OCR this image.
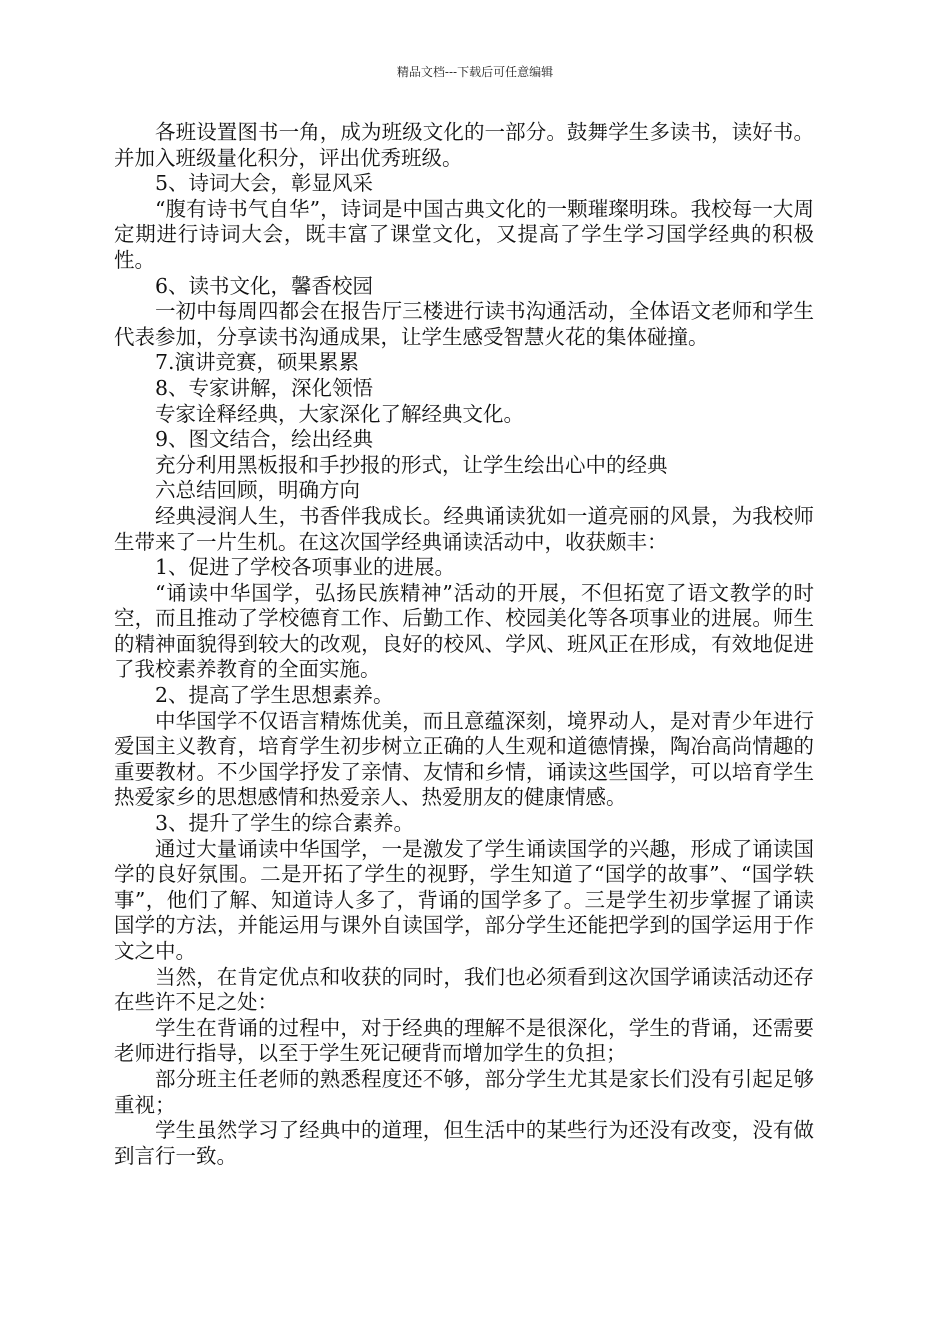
精品文档---下载后可任意编辑

各班设置图书一角，成为班级文化的一部分。鼓舞学生多读书，读好书。并加入班级量化积分，评出优秀班级。

5、诗词大会，彰显风采

“腹有诗书气自华”，诗词是中国古典文化的一颗璀璨明珠。我校每一大周定期进行诗词大会，既丰富了课堂文化，又提高了学生学习国学经典的积极性。

6、读书文化，馨香校园

一初中每周四都会在报告厅三楼进行读书沟通活动，全体语文老师和学生代表参加，分享读书沟通成果，让学生感受智慧火花的集体碰撞。

7.演讲竞赛，硕果累累

8、专家讲解，深化领悟

专家诠释经典，大家深化了解经典文化。

9、图文结合，绘出经典

充分利用黑板报和手抄报的形式，让学生绘出心中的经典

六总结回顾，明确方向

经典浸润人生，书香伴我成长。经典诵读犹如一道亮丽的风景，为我校师生带来了一片生机。在这次国学经典诵读活动中，收获颇丰：

1、促进了学校各项事业的进展。

“诵读中华国学，弘扬民族精神”活动的开展，不但拓宽了语文教学的时空，而且推动了学校德育工作、后勤工作、校园美化等各项事业的进展。师生的精神面貌得到较大的改观，良好的校风、学风、班风正在形成，有效地促进了我校素养教育的全面实施。

2、提高了学生思想素养。

中华国学不仅语言精炼优美，而且意蕴深刻，境界动人，是对青少年进行爱国主义教育，培育学生初步树立正确的人生观和道德情操，陶冶高尚情趣的重要教材。不少国学抒发了亲情、友情和乡情，诵读这些国学，可以培育学生热爱家乡的思想感情和热爱亲人、热爱朋友的健康情感。

3、提升了学生的综合素养。

通过大量诵读中华国学，一是激发了学生诵读国学的兴趣，形成了诵读国学的良好氛围。二是开拓了学生的视野，学生知道了“国学的故事”、“国学轶事”，他们了解、知道诗人多了，背诵的国学多了。三是学生初步掌握了诵读国学的方法，并能运用与课外自读国学，部分学生还能把学到的国学运用于作文之中。

当然，在肯定优点和收获的同时，我们也必须看到这次国学诵读活动还存在些许不足之处：

学生在背诵的过程中，对于经典的理解不是很深化，学生的背诵，还需要老师进行指导，以至于学生死记硬背而增加学生的负担；

部分班主任老师的熟悉程度还不够，部分学生尤其是家长们没有引起足够重视；

学生虽然学习了经典中的道理，但生活中的某些行为还没有改变，没有做到言行一致。
